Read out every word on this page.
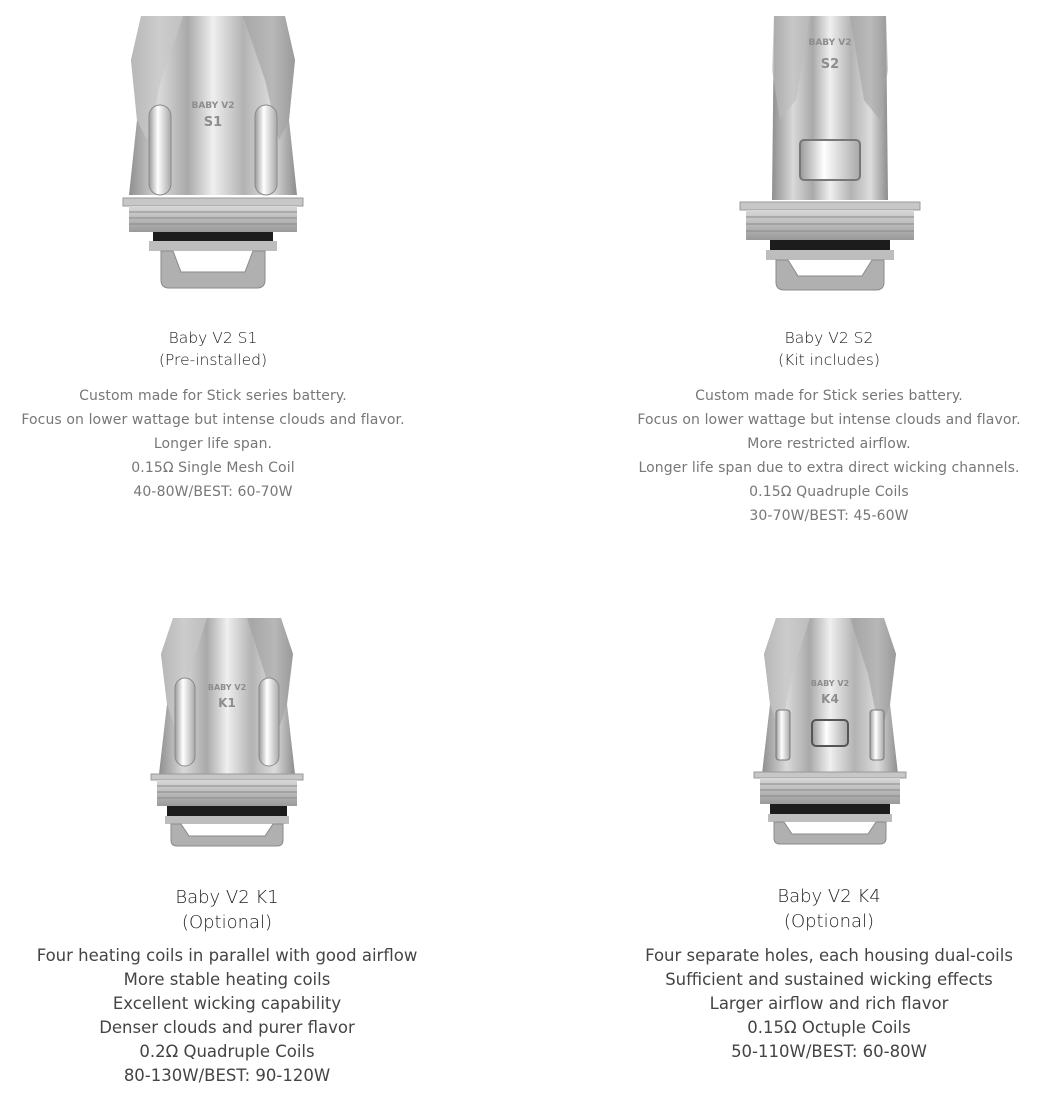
BABY V2
S1
Baby V2 S1
(Pre-installed)
Custom made for Stick series battery.
Focus on lower wattage but intense clouds and flavor.
Longer life span.
0.15Ω Single Mesh Coil
40-80W/BEST: 60-70W
BABY V2
S2
Baby V2 S2
(Kit includes)
Custom made for Stick series battery.
Focus on lower wattage but intense clouds and flavor.
More restricted airflow.
Longer life span due to extra direct wicking channels.
0.15Ω Quadruple Coils
30-70W/BEST: 45-60W
BABY V2
K1
Baby V2 K1
(Optional)
Four heating coils in parallel with good airflow
More stable heating coils
Excellent wicking capability
Denser clouds and purer flavor
0.2Ω Quadruple Coils
80-130W/BEST: 90-120W
BABY V2
K4
Baby V2 K4
(Optional)
Four separate holes, each housing dual-coils
Sufficient and sustained wicking effects
Larger airflow and rich flavor
0.15Ω Octuple Coils
50-110W/BEST: 60-80W
